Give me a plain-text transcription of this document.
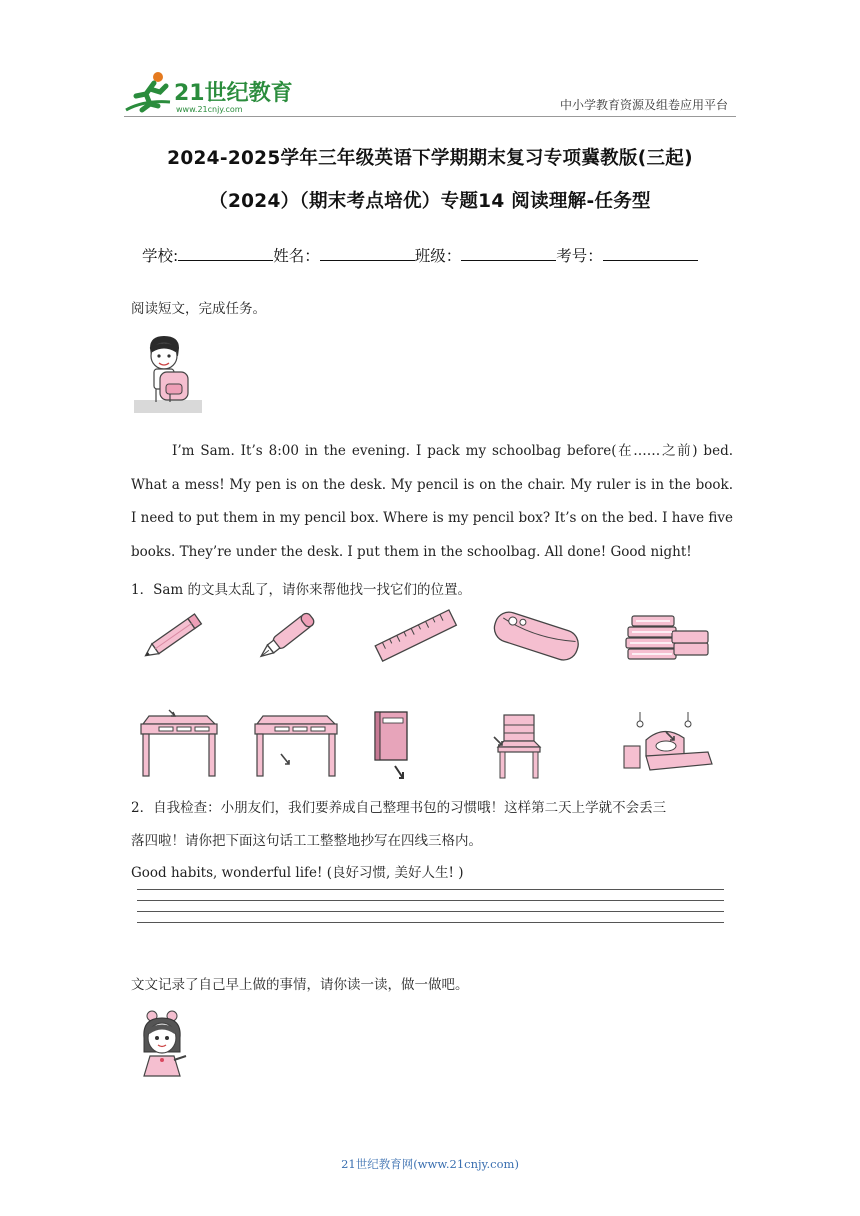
21世纪教育
www.21cnjy.com	中小学教育资源及组卷应用平台
2024-2025学年三年级英语下学期期末复习专项冀教版(三起)
（2024）（期末考点培优）专题14 阅读理解-任务型
学校:	姓名：	班级：	考号：
阅读短文，完成任务。

I’m Sam. It’s 8:00 in the evening. I pack my schoolbag before(在……之前) bed. What a mess! My pen is on the desk. My pencil is on the chair. My ruler is in the book. I need to put them in my pencil box. Where is my pencil box? It’s on the bed. I have five books. They’re under the desk. I put them in the schoolbag. All done! Good night!

1．Sam 的文具太乱了，请你来帮他找一找它们的位置。
2．自我检查：小朋友们，我们要养成自己整理书包的习惯哦！这样第二天上学就不会丢三
落四啦！请你把下面这句话工工整整地抄写在四线三格内。
Good habits, wonderful life! (良好习惯, 美好人生! )
文文记录了自己早上做的事情，请你读一读，做一做吧。
21世纪教育网(www.21cnjy.com)
